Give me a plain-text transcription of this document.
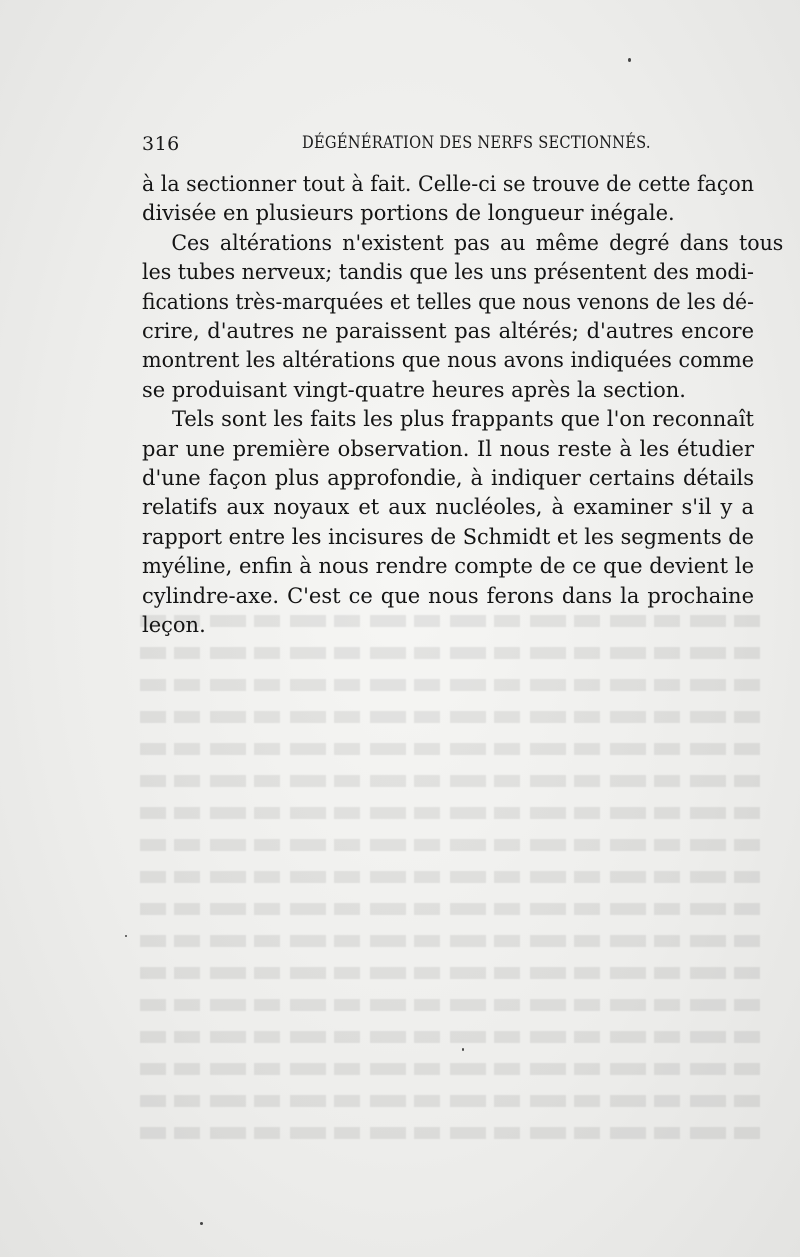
316	DÉGÉNÉRATION DES NERFS SECTIONNÉS.

à la sectionner tout à fait. Celle-ci se trouve de cette façon
divisée en plusieurs portions de longueur inégale.

Ces altérations n'existent pas au même degré dans tous
les tubes nerveux; tandis que les uns présentent des modi-
fications très-marquées et telles que nous venons de les dé-
crire, d'autres ne paraissent pas altérés; d'autres encore
montrent les altérations que nous avons indiquées comme
se produisant vingt-quatre heures après la section.

Tels sont les faits les plus frappants que l'on reconnaît
par une première observation. Il nous reste à les étudier
d'une façon plus approfondie, à indiquer certains détails
relatifs aux noyaux et aux nucléoles, à examiner s'il y a
rapport entre les incisures de Schmidt et les segments de
myéline, enfin à nous rendre compte de ce que devient le
cylindre-axe. C'est ce que nous ferons dans la prochaine
leçon.
